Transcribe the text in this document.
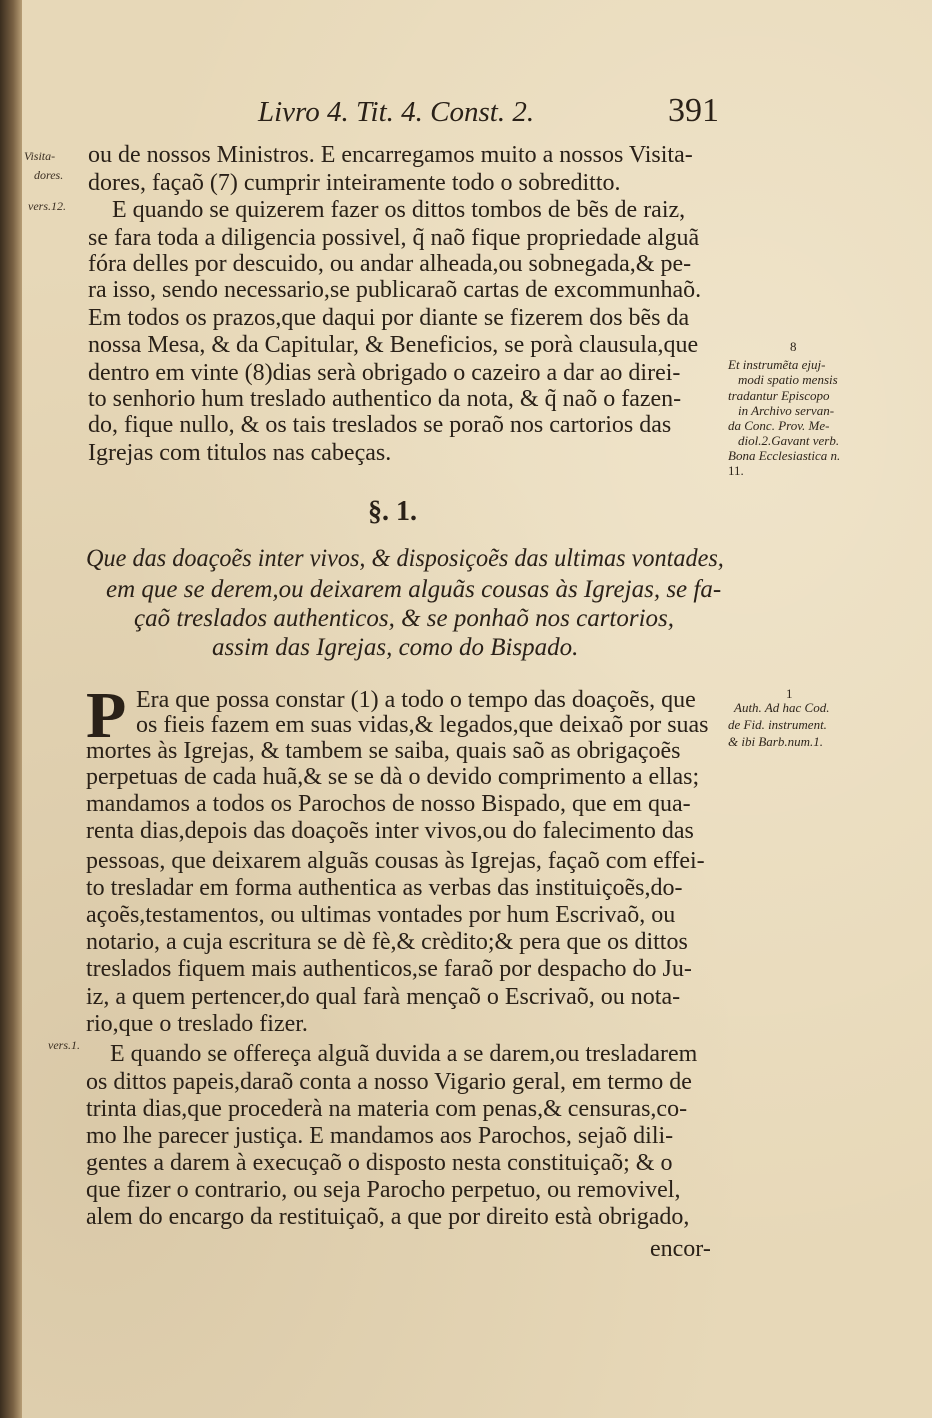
Livro 4. Tit. 4. Const. 2.	391
Visita-
dores.
vers.12.
vers.1.
ou de nossos Ministros. E encarregamos muito a nossos Visita-
dores, façaõ (7) cumprir inteiramente todo o sobreditto.
E quando se quizerem fazer os dittos tombos de bẽs de raiz,
se fara toda a diligencia possivel, q̃ naõ fique propriedade alguã
fóra delles por descuido, ou andar alheada,ou sobnegada,& pe-
ra isso, sendo necessario,se publicaraõ cartas de excommunhaõ.
Em todos os prazos,que daqui por diante se fizerem dos bẽs da
nossa Mesa, & da Capitular, & Beneficios, se porà clausula,que
dentro em vinte (8)dias serà obrigado o cazeiro a dar ao direi-
to senhorio hum treslado authentico da nota, & q̃ naõ o fazen-
do, fique nullo, & os tais treslados se poraõ nos cartorios das
Igrejas com titulos nas cabeças.
8
Et instrumẽta ejuj-
modi spatio mensis
tradantur Episcopo
in Archivo servan-
da Conc. Prov. Me-
diol.2.Gavant verb.
Bona Ecclesiastica n.
11.
§. 1.
Que das doaçoẽs inter vivos, & disposiçoẽs das ultimas vontades,
em que se derem,ou deixarem alguãs cousas às Igrejas, se fa-
çaõ treslados authenticos, & se ponhaõ nos cartorios,
assim das Igrejas, como do Bispado.
P Era que possa constar (1) a todo o tempo das doaçoẽs, que
os fieis fazem em suas vidas,& legados,que deixaõ por suas
mortes às Igrejas, & tambem se saiba, quais saõ as obrigaçoẽs
perpetuas de cada huã,& se se dà o devido comprimento a ellas;
mandamos a todos os Parochos de nosso Bispado, que em qua-
renta dias,depois das doaçoẽs inter vivos,ou do falecimento das
pessoas, que deixarem alguãs cousas às Igrejas, façaõ com effei-
to tresladar em forma authentica as verbas das instituiçoẽs,do-
açoẽs,testamentos, ou ultimas vontades por hum Escrivaõ, ou
notario, a cuja escritura se dè fè,& crèdito;& pera que os dittos
treslados fiquem mais authenticos,se faraõ por despacho do Ju-
iz, a quem pertencer,do qual farà mençaõ o Escrivaõ, ou nota-
rio,que o treslado fizer.
1
Auth. Ad hac Cod.
de Fid. instrument.
& ibi Barb.num.1.
E quando se offereça alguã duvida a se darem,ou tresladarem
os dittos papeis,daraõ conta a nosso Vigario geral, em termo de
trinta dias,que procederà na materia com penas,& censuras,co-
mo lhe parecer justiça. E mandamos aos Parochos, sejaõ dili-
gentes a darem à execuçaõ o disposto nesta constituiçaõ; & o
que fizer o contrario, ou seja Parocho perpetuo, ou removivel,
alem do encargo da restituiçaõ, a que por direito està obrigado,
encor-
